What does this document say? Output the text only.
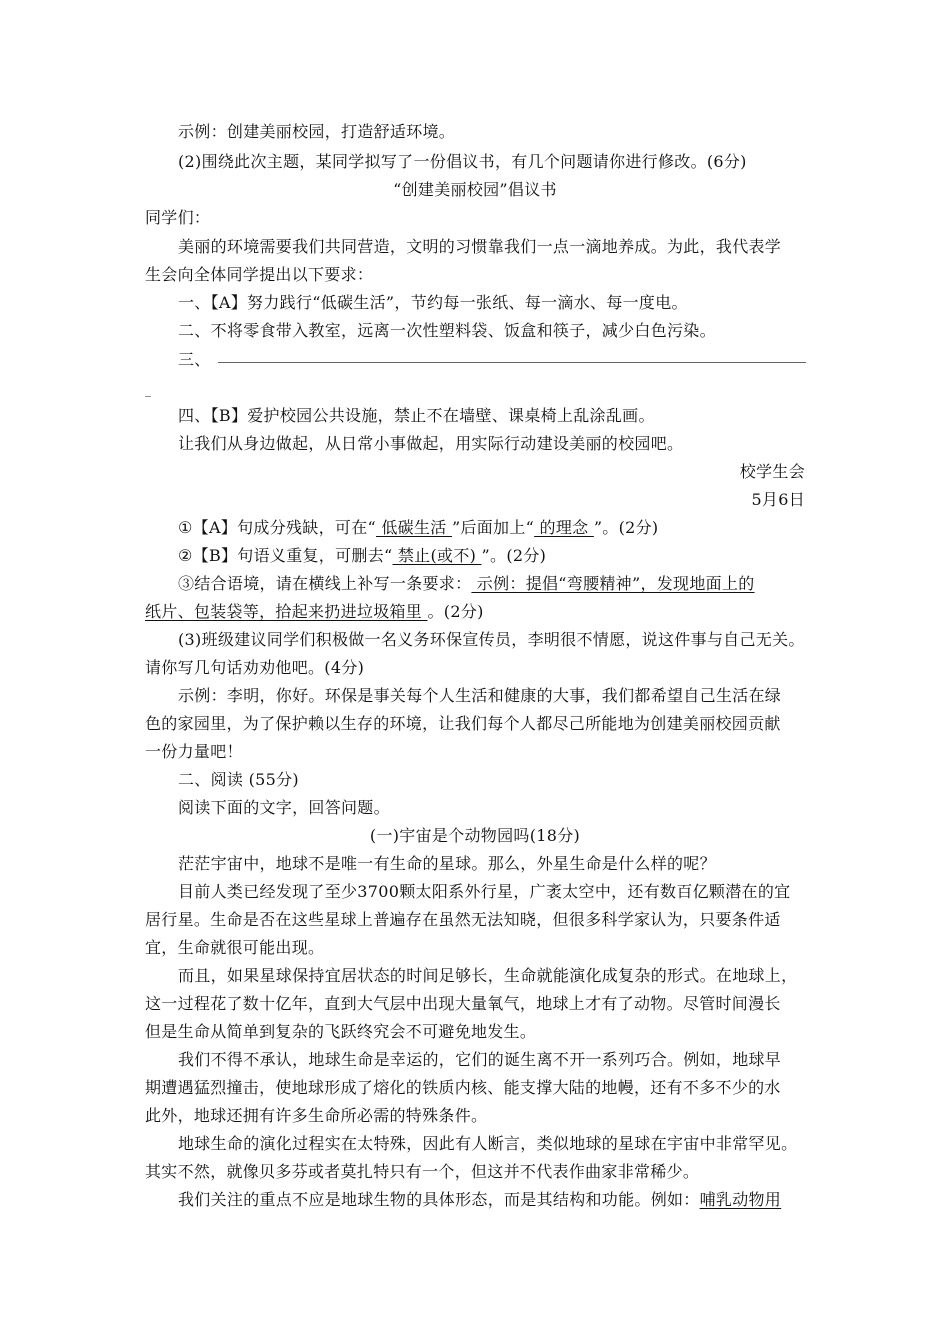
示例：创建美丽校园，打造舒适环境。
(2)围绕此次主题，某同学拟写了一份倡议书，有几个问题请你进行修改。(6分)
“创建美丽校园”倡议书
同学们：
美丽的环境需要我们共同营造，文明的习惯靠我们一点一滴地养成。为此，我代表学
生会向全体同学提出以下要求：
一、【A】努力践行“低碳生活”，节约每一张纸、每一滴水、每一度电。
二、不将零食带入教室，远离一次性塑料袋、饭盒和筷子，减少白色污染。
三、
_
四、【B】爱护校园公共设施，禁止不在墙壁、课桌椅上乱涂乱画。
让我们从身边做起，从日常小事做起，用实际行动建设美丽的校园吧。
校学生会
5月6日
①【A】句成分残缺，可在“ 低碳生活 ”后面加上“ 的理念 ”。(2分)
②【B】句语义重复，可删去“ 禁止(或不) ”。(2分)
③结合语境，请在横线上补写一条要求： 示例：提倡“弯腰精神”，发现地面上的
纸片、包装袋等，拾起来扔进垃圾箱里 。(2分)
(3)班级建议同学们积极做一名义务环保宣传员，李明很不情愿，说这件事与自己无关。
请你写几句话劝劝他吧。(4分)
示例：李明，你好。环保是事关每个人生活和健康的大事，我们都希望自己生活在绿
色的家园里，为了保护赖以生存的环境，让我们每个人都尽己所能地为创建美丽校园贡献
一份力量吧！
二、阅读 (55分)
阅读下面的文字，回答问题。
(一)宇宙是个动物园吗(18分)
茫茫宇宙中，地球不是唯一有生命的星球。那么，外星生命是什么样的呢？
目前人类已经发现了至少3700颗太阳系外行星，广袤太空中，还有数百亿颗潜在的宜
居行星。生命是否在这些星球上普遍存在虽然无法知晓，但很多科学家认为，只要条件适
宜，生命就很可能出现。
而且，如果星球保持宜居状态的时间足够长，生命就能演化成复杂的形式。在地球上，
这一过程花了数十亿年，直到大气层中出现大量氧气，地球上才有了动物。尽管时间漫长
但是生命从简单到复杂的飞跃终究会不可避免地发生。
我们不得不承认，地球生命是幸运的，它们的诞生离不开一系列巧合。例如，地球早
期遭遇猛烈撞击，使地球形成了熔化的铁质内核、能支撑大陆的地幔，还有不多不少的水
此外，地球还拥有许多生命所必需的特殊条件。
地球生命的演化过程实在太特殊，因此有人断言，类似地球的星球在宇宙中非常罕见。
其实不然，就像贝多芬或者莫扎特只有一个，但这并不代表作曲家非常稀少。
我们关注的重点不应是地球生物的具体形态，而是其结构和功能。例如：哺乳动物用
